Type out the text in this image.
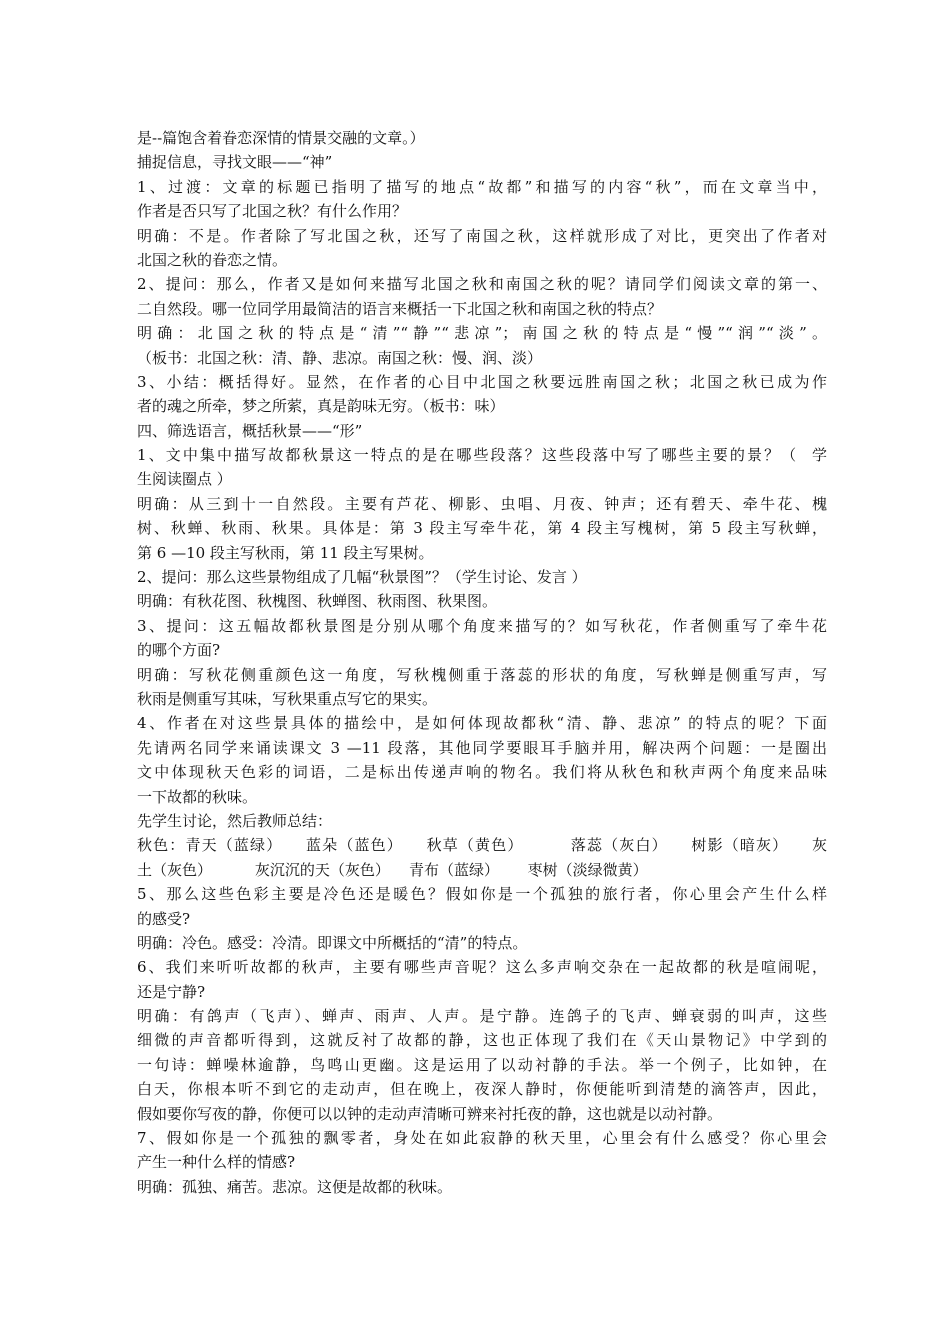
是--篇饱含着眷恋深情的情景交融的文章。）
捕捉信息，寻找文眼——“神”
1、过渡：文章的标题已指明了描写的地点“故都”和描写的内容“秋”，而在文章当中，
作者是否只写了北国之秋？有什么作用？
明确：不是。作者除了写北国之秋，还写了南国之秋，这样就形成了对比，更突出了作者对
北国之秋的眷恋之情。
2、提问：那么，作者又是如何来描写北国之秋和南国之秋的呢？请同学们阅读文章的第一、
二自然段。哪一位同学用最简洁的语言来概括一下北国之秋和南国之秋的特点？
明确：北国之秋的特点是“清”“静”“悲凉”；南国之秋的特点是“慢”“润”“淡”。
（板书：北国之秋：清、静、悲凉。南国之秋：慢、润、淡）
3、小结：概括得好。显然，在作者的心目中北国之秋要远胜南国之秋；北国之秋已成为作
者的魂之所牵，梦之所萦，真是韵味无穷。（板书：味）
四、筛选语言，概括秋景——“形”
1、文中集中描写故都秋景这一特点的是在哪些段落？这些段落中写了哪些主要的景？（  学
生阅读圈点 ）
明确：从三到十一自然段。主要有芦花、柳影、虫唱、月夜、钟声；还有碧天、牵牛花、槐
树、秋蝉、秋雨、秋果。具体是：第 3 段主写牵牛花，第 4 段主写槐树，第 5 段主写秋蝉，
第 6 —10 段主写秋雨，第 11 段主写果树。
2、提问：那么这些景物组成了几幅“秋景图”？（学生讨论、发言 ）
明确：有秋花图、秋槐图、秋蝉图、秋雨图、秋果图。
3、提问：这五幅故都秋景图是分别从哪个角度来描写的？如写秋花，作者侧重写了牵牛花
的哪个方面?
明确：写秋花侧重颜色这一角度，写秋槐侧重于落蕊的形状的角度，写秋蝉是侧重写声，写
秋雨是侧重写其味，写秋果重点写它的果实。
4、作者在对这些景具体的描绘中，是如何体现故都秋“清、静、悲凉” 的特点的呢？下面
先请两名同学来诵读课文 3 —11 段落，其他同学要眼耳手脑并用，解决两个问题：一是圈出
文中体现秋天色彩的词语，二是标出传递声响的物名。我们将从秋色和秋声两个角度来品味
一下故都的秋味。
先学生讨论，然后教师总结：
秋色：青天（蓝绿）    蓝朵（蓝色）    秋草（黄色）        落蕊（灰白）    树影（暗灰）    灰
土（灰色）         灰沉沉的天（灰色）    青布（蓝绿）      枣树（淡绿微黄）
5、那么这些色彩主要是冷色还是暖色？假如你是一个孤独的旅行者，你心里会产生什么样
的感受?
明确：冷色。感受：冷清。即课文中所概括的“清”的特点。
6、我们来听听故都的秋声，主要有哪些声音呢？这么多声响交杂在一起故都的秋是喧闹呢，
还是宁静?
明确：有鸽声（飞声）、蝉声、雨声、人声。是宁静。连鸽子的飞声、蝉衰弱的叫声，这些
细微的声音都听得到，这就反衬了故都的静，这也正体现了我们在《天山景物记》中学到的
一句诗：蝉噪林逾静，鸟鸣山更幽。这是运用了以动衬静的手法。举一个例子，比如钟，在
白天，你根本听不到它的走动声，但在晚上，夜深人静时，你便能听到清楚的滴答声，因此，
假如要你写夜的静，你便可以以钟的走动声清晰可辨来衬托夜的静，这也就是以动衬静。
7、假如你是一个孤独的飘零者，身处在如此寂静的秋天里，心里会有什么感受？你心里会
产生一种什么样的情感?
明确：孤独、痛苦。悲凉。这便是故都的秋味。
